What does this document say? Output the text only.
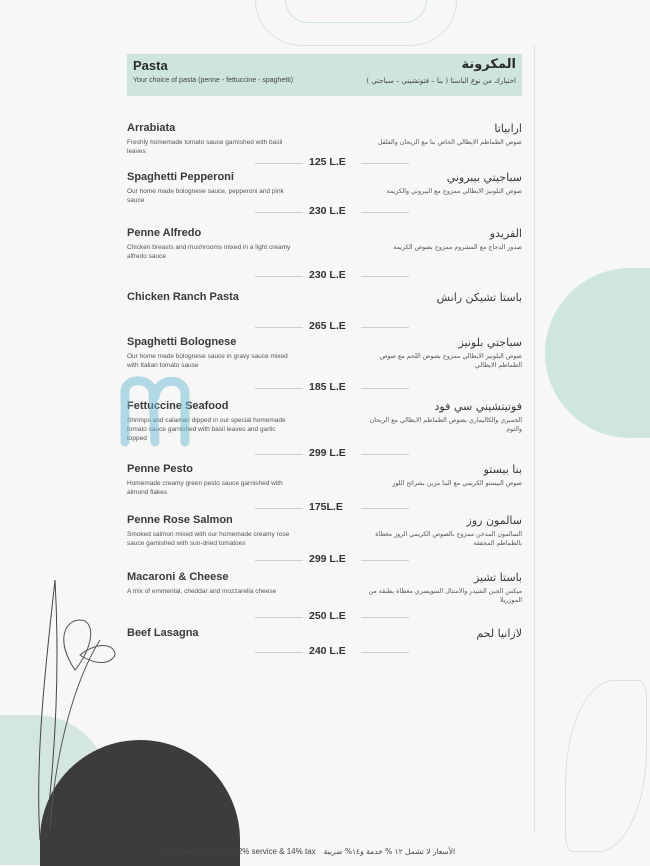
Pasta
Your choice of pasta (penne - fettuccine - spaghetti)
المكرونة
اختيارك من نوع الباستا ( بنا – فتوتشيني – سباجتي )
Arrabiata
Freshly homemade tomato sauce garnished with basil leaves
ارابياتا
صوص الطماطم الايطالي الخاص بنا مع الريحان والفلفل
125 L.E
Spaghetti Pepperoni
Our home made bolognese sauce, pepperoni and pink sauce
سباجيتي بيبروني
صوص البلونيز الايطالي ممزوج مع البيروني والكريمة
230 L.E
Penne Alfredo
Chicken breasts and mushrooms mixed in a light creamy alfredo sauce
الفريدو
صدور الدجاج مع المشروم ممزوج بصوص الكريمة
230 L.E
Chicken Ranch Pasta	باستا تشيكن رانش
265 L.E
Spaghetti Bolognese
Our home made bolognese sauce in gravy sauce mixed with Italian tomato sause
سباجتي بلونيز
صوص البلونيز الايطالي ممزوج بصوص اللحم مع صوص الطماطم الايطالي
185 L.E
Fettuccine Seafood
Shrimps and calamari dipped in our special homemade tomato sauce garnished with basil leaves and garlic topped
فوتيتشيني سي فود
الجمبري والكاليماري بصوص الطماطم الايطالي مع الريحان والثوم
299 L.E
Penne Pesto
Homemade creamy green pesto sauce garnished with almond flakes
بنا بيستو
صوص البيستو الكريمي مع البنا مزين بشرائح اللوز
175L.E
Penne Rose Salmon
Smoked salmon mixed with our homemade creamy rose sauce garnished with sun-dried tomatoes
سالمون روز
السالمون المدخن ممزوج بالصوص الكريمي الروز مغطاة بالطماطم المجففة
299 L.E
Macaroni & Cheese
A mix of emmental, cheddar and mozzarella cheese
باستا تشيز
ميكس الجبن الشيدر والامنتال السويسري مغطاة بطبقة من الموزريلا
250 L.E
Beef Lasagna	لازانيا لحم
240 L.E
prices do no include 12% service & 14% tax الأسعار لا تشمل ١٢ % خدمة و١٤% ضريبة
